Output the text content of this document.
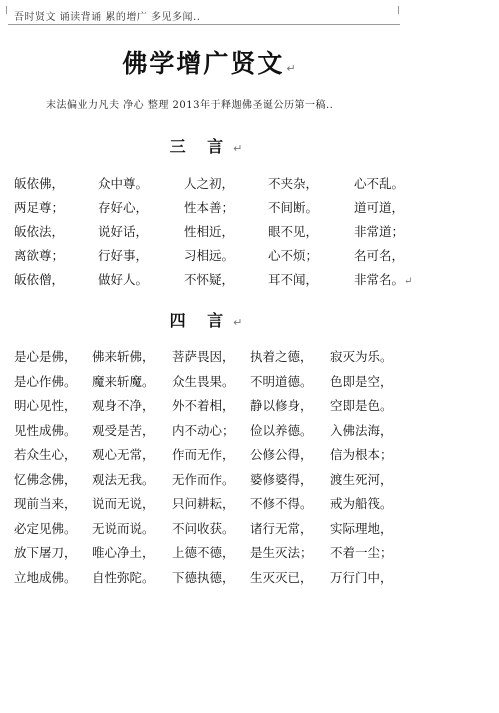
吾时贤文 诵读背诵 累的增广 多见多闻..
佛学增广贤文 ↵
末法偏业力凡夫 净心 整理 2013年于释迦佛圣诞公历第一稿..
三 言 ↵
皈依佛，	众中尊。	人之初，	不夹杂，	心不乱。
两足尊；	存好心，	性本善；	不间断。	道可道，
皈依法，	说好话，	性相近，	眼不见，	非常道；
离欲尊；	行好事，	习相远。	心不烦；	名可名，
皈依僧，	做好人。	不怀疑，	耳不闻，	非常名。↵
四 言 ↵
是心是佛， 佛来斩佛， 菩萨畏因， 执着之德， 寂灭为乐。
是心作佛。 魔来斩魔。 众生畏果。 不明道德。 色即是空，
明心见性， 观身不净， 外不着相， 静以修身， 空即是色。
见性成佛。 观受是苦， 内不动心； 俭以养德。 入佛法海，
若众生心， 观心无常， 作而无作， 公修公得， 信为根本；
忆佛念佛， 观法无我。 无作而作。 婆修婆得， 渡生死河，
现前当来， 说而无说， 只问耕耘， 不修不得。 戒为船筏。
必定见佛。 无说而说。 不问收获。 诸行无常， 实际理地，
放下屠刀， 唯心净土， 上德不德， 是生灭法； 不着一尘；
立地成佛。 自性弥陀。 下德执德， 生灭灭已， 万行门中，
